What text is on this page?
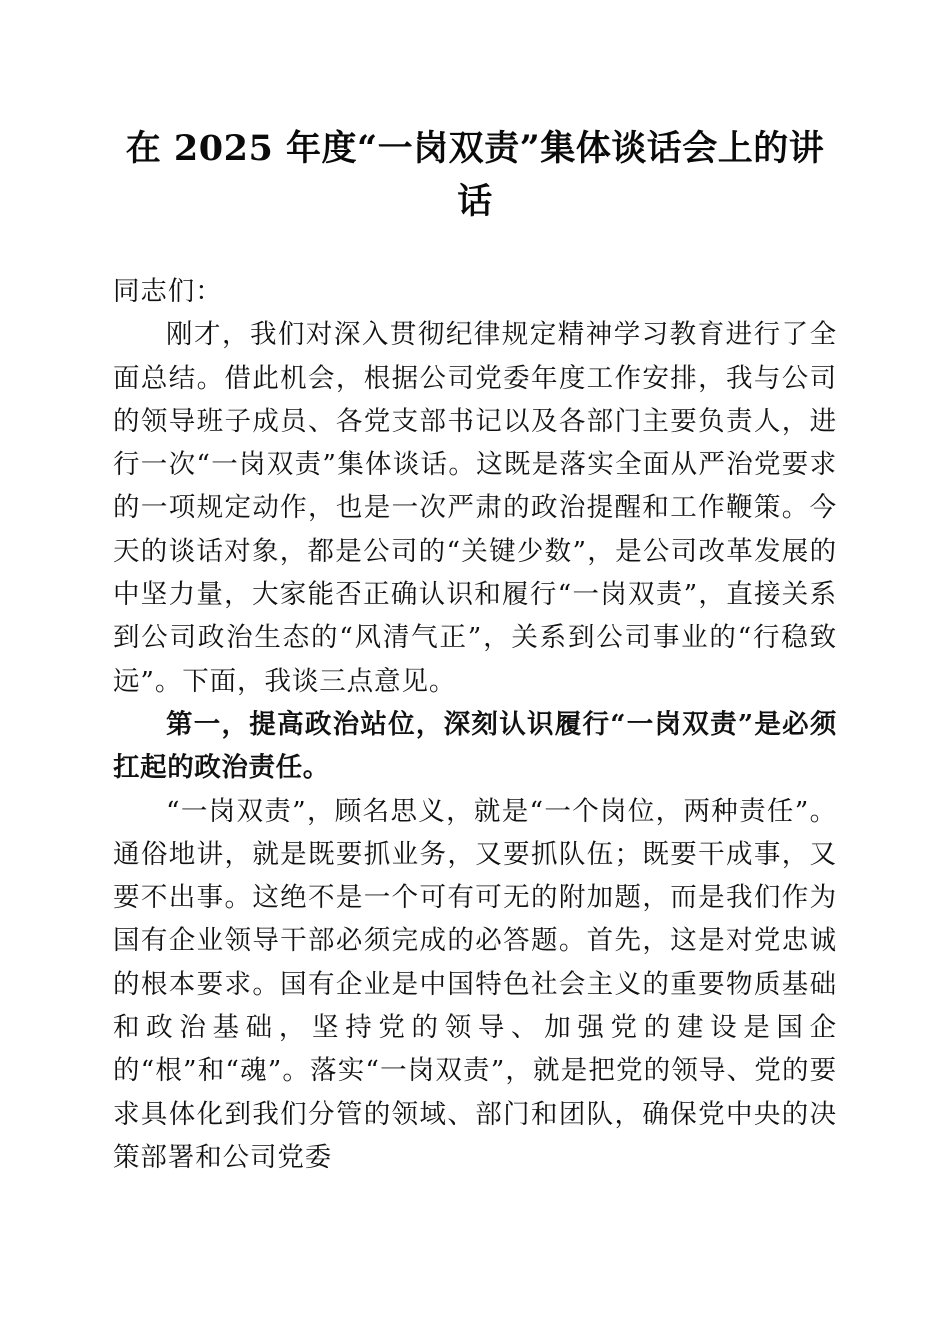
在 2025 年度“一岗双责”集体谈话会上的讲
话

同志们：

刚才，我们对深入贯彻纪律规定精神学习教育进行了全面总结。借此机会，根据公司党委年度工作安排，我与公司的领导班子成员、各党支部书记以及各部门主要负责人，进行一次“一岗双责”集体谈话。这既是落实全面从严治党要求的一项规定动作，也是一次严肃的政治提醒和工作鞭策。今天的谈话对象，都是公司的“关键少数”，是公司改革发展的中坚力量，大家能否正确认识和履行“一岗双责”，直接关系到公司政治生态的“风清气正”，关系到公司事业的“行稳致远”。下面，我谈三点意见。

第一，提高政治站位，深刻认识履行“一岗双责”是必须扛起的政治责任。

“一岗双责”，顾名思义，就是“一个岗位，两种责任”。通俗地讲，就是既要抓业务，又要抓队伍；既要干成事，又要不出事。这绝不是一个可有可无的附加题，而是我们作为国有企业领导干部必须完成的必答题。首先，这是对党忠诚的根本要求。国有企业是中国特色社会主义的重要物质基础和政治基础，坚持党的领导、加强党的建设是国企的“根”和“魂”。落实“一岗双责”，就是把党的领导、党的要求具体化到我们分管的领域、部门和团队，确保党中央的决策部署和公司党委
